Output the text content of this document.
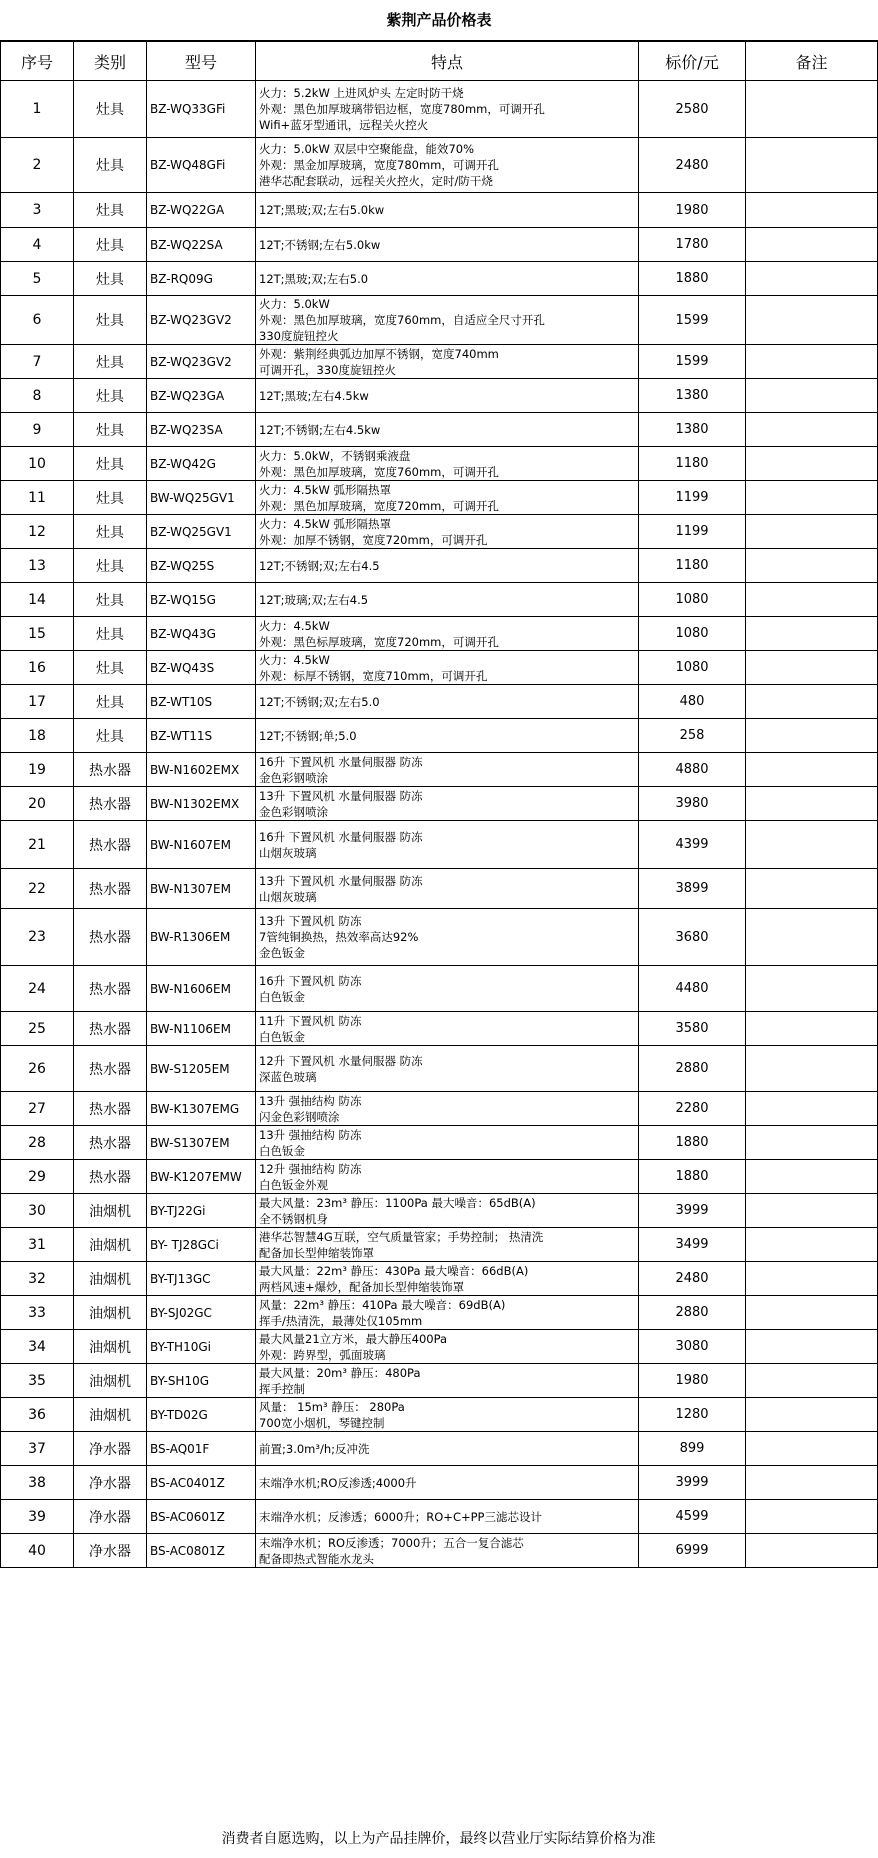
紫荆产品价格表
序号	类别	型号	特点	标价/元	备注
1	灶具	BZ-WQ33GFi	火力：5.2kW 上进风炉头 左定时防干烧
外观：黑色加厚玻璃带铝边框，宽度780mm，可调开孔
Wifi+蓝牙型通讯，远程关火控火	2580	
2	灶具	BZ-WQ48GFi	火力：5.0kW 双层中空聚能盘，能效70%
外观：黑金加厚玻璃，宽度780mm，可调开孔
港华芯配套联动，远程关火控火，定时/防干烧	2480	
3	灶具	BZ-WQ22GA	12T;黑玻;双;左右5.0kw	1980	
4	灶具	BZ-WQ22SA	12T;不锈钢;左右5.0kw	1780	
5	灶具	BZ-RQ09G	12T;黑玻;双;左右5.0	1880	
6	灶具	BZ-WQ23GV2	火力：5.0kW
外观：黑色加厚玻璃，宽度760mm，自适应全尺寸开孔
330度旋钮控火	1599	
7	灶具	BZ-WQ23GV2	外观：紫荆经典弧边加厚不锈钢，宽度740mm
可调开孔，330度旋钮控火	1599	
8	灶具	BZ-WQ23GA	12T;黑玻;左右4.5kw	1380	
9	灶具	BZ-WQ23SA	12T;不锈钢;左右4.5kw	1380	
10	灶具	BZ-WQ42G	火力：5.0kW，不锈钢乘液盘
外观：黑色加厚玻璃，宽度760mm，可调开孔	1180	
11	灶具	BW-WQ25GV1	火力：4.5kW 弧形隔热罩
外观：黑色加厚玻璃，宽度720mm，可调开孔	1199	
12	灶具	BZ-WQ25GV1	火力：4.5kW 弧形隔热罩
外观：加厚不锈钢，宽度720mm，可调开孔	1199	
13	灶具	BZ-WQ25S	12T;不锈钢;双;左右4.5	1180	
14	灶具	BZ-WQ15G	12T;玻璃;双;左右4.5	1080	
15	灶具	BZ-WQ43G	火力：4.5kW
外观：黑色标厚玻璃，宽度720mm，可调开孔	1080	
16	灶具	BZ-WQ43S	火力：4.5kW
外观：标厚不锈钢，宽度710mm，可调开孔	1080	
17	灶具	BZ-WT10S	12T;不锈钢;双;左右5.0	480	
18	灶具	BZ-WT11S	12T;不锈钢;单;5.0	258	
19	热水器	BW-N1602EMX	16升 下置风机 水量伺服器 防冻
金色彩钢喷涂	4880	
20	热水器	BW-N1302EMX	13升 下置风机 水量伺服器 防冻
金色彩钢喷涂	3980	
21	热水器	BW-N1607EM	16升 下置风机 水量伺服器 防冻
山烟灰玻璃	4399	
22	热水器	BW-N1307EM	13升 下置风机 水量伺服器 防冻
山烟灰玻璃	3899	
23	热水器	BW-R1306EM	13升 下置风机 防冻
7管纯铜换热，热效率高达92%
金色钣金	3680	
24	热水器	BW-N1606EM	16升 下置风机 防冻
白色钣金	4480	
25	热水器	BW-N1106EM	11升 下置风机 防冻
白色钣金	3580	
26	热水器	BW-S1205EM	12升 下置风机 水量伺服器 防冻
深蓝色玻璃	2880	
27	热水器	BW-K1307EMG	13升 强抽结构 防冻
闪金色彩钢喷涂	2280	
28	热水器	BW-S1307EM	13升 强抽结构 防冻
白色钣金	1880	
29	热水器	BW-K1207EMW	12升 强抽结构 防冻
白色钣金外观	1880	
30	油烟机	BY-TJ22Gi	最大风量：23m³ 静压：1100Pa 最大噪音：65dB(A)
全不锈钢机身	3999	
31	油烟机	BY- TJ28GCi	港华芯智慧4G互联，空气质量管家；手势控制； 热清洗
配备加长型伸缩装饰罩	3499	
32	油烟机	BY-TJ13GC	最大风量：22m³ 静压：430Pa 最大噪音：66dB(A)
两档风速+爆炒，配备加长型伸缩装饰罩	2480	
33	油烟机	BY-SJ02GC	风量：22m³ 静压：410Pa 最大噪音：69dB(A)
挥手/热清洗，最薄处仅105mm	2880	
34	油烟机	BY-TH10Gi	最大风量21立方米，最大静压400Pa
外观：跨界型，弧面玻璃	3080	
35	油烟机	BY-SH10G	最大风量：20m³ 静压：480Pa
挥手控制	1980	
36	油烟机	BY-TD02G	风量： 15m³ 静压： 280Pa
700宽小烟机，琴键控制	1280	
37	净水器	BS-AQ01F	前置;3.0m³/h;反冲洗	899	
38	净水器	BS-AC0401Z	末端净水机;RO反渗透;4000升	3999	
39	净水器	BS-AC0601Z	末端净水机；反渗透；6000升；RO+C+PP三滤芯设计	4599	
40	净水器	BS-AC0801Z	末端净水机；RO反渗透；7000升；五合一复合滤芯
配备即热式智能水龙头	6999	
消费者自愿选购，以上为产品挂牌价，最终以营业厅实际结算价格为准
